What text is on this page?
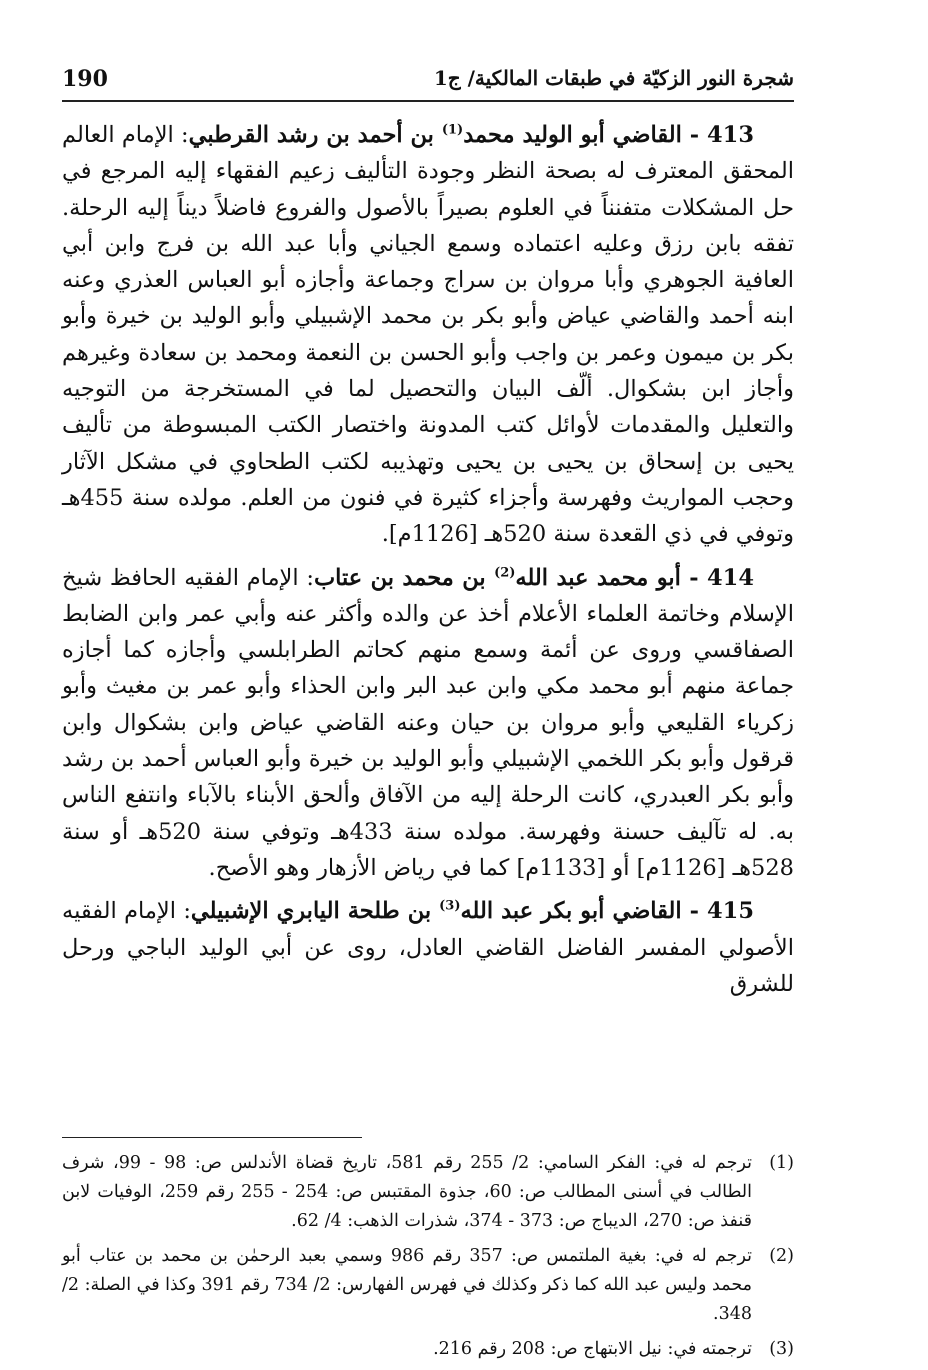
شجرة النور الزكيّة في طبقات المالكية/ ج1
190

413 - القاضي أبو الوليد محمد$^{(1)}$ بن أحمد بن رشد القرطبي: الإمام العالم المحقق المعترف له بصحة النظر وجودة التأليف زعيم الفقهاء إليه المرجع في حل المشكلات متفنناً في العلوم بصيراً بالأصول والفروع فاضلاً ديناً إليه الرحلة. تفقه بابن رزق وعليه اعتماده وسمع الجياني وأبا عبد الله بن فرج وابن أبي العافية الجوهري وأبا مروان بن سراج وجماعة وأجازه أبو العباس العذري وعنه ابنه أحمد والقاضي عياض وأبو بكر بن محمد الإشبيلي وأبو الوليد بن خيرة وأبو بكر بن ميمون وعمر بن واجب وأبو الحسن بن النعمة ومحمد بن سعادة وغيرهم وأجاز ابن بشكوال. ألّف البيان والتحصيل لما في المستخرجة من التوجيه والتعليل والمقدمات لأوائل كتب المدونة واختصار الكتب المبسوطة من تأليف يحيى بن إسحاق بن يحيى بن يحيى وتهذيبه لكتب الطحاوي في مشكل الآثار وحجب المواريث وفهرسة وأجزاء كثيرة في فنون من العلم. مولده سنة 455هـ وتوفي في ذي القعدة سنة 520هـ [1126م].

414 - أبو محمد عبد الله$^{(2)}$ بن محمد بن عتاب: الإمام الفقيه الحافظ شيخ الإسلام وخاتمة العلماء الأعلام أخذ عن والده وأكثر عنه وأبي عمر وابن الضابط الصفاقسي وروى عن أئمة وسمع منهم كحاتم الطرابلسي وأجازه كما أجازه جماعة منهم أبو محمد مكي وابن عبد البر وابن الحذاء وأبو عمر بن مغيث وأبو زكرياء القليعي وأبو مروان بن حيان وعنه القاضي عياض وابن بشكوال وابن قرقول وأبو بكر اللخمي الإشبيلي وأبو الوليد بن خيرة وأبو العباس أحمد بن رشد وأبو بكر العبدري، كانت الرحلة إليه من الآفاق وألحق الأبناء بالآباء وانتفع الناس به. له تآليف حسنة وفهرسة. مولده سنة 433هـ وتوفي سنة 520هـ أو سنة 528هـ [1126م] أو [1133م] كما في رياض الأزهار وهو الأصح.

415 - القاضي أبو بكر عبد الله$^{(3)}$ بن طلحة اليابري الإشبيلي: الإمام الفقيه الأصولي المفسر الفاضل القاضي العادل، روى عن أبي الوليد الباجي ورحل للشرق

(1)
ترجم له في: الفكر السامي: 2/ 255 رقم 581، تاريخ قضاة الأندلس ص: 98 - 99، شرف الطالب في أسنى المطالب ص: 60، جذوة المقتبس ص: 254 - 255 رقم 259، الوفيات لابن قنفذ ص: 270، الديباج ص: 373 - 374، شذرات الذهب: 4/ 62.
(2)
ترجم له في: بغية الملتمس ص: 357 رقم 986 وسمي بعبد الرحمٰن بن محمد بن عتاب أبو محمد وليس عبد الله كما ذكر وكذلك في فهرس الفهارس: 2/ 734 رقم 391 وكذا في الصلة: 2/ 348.
(3)
ترجمته في: نيل الابتهاج ص: 208 رقم 216.
